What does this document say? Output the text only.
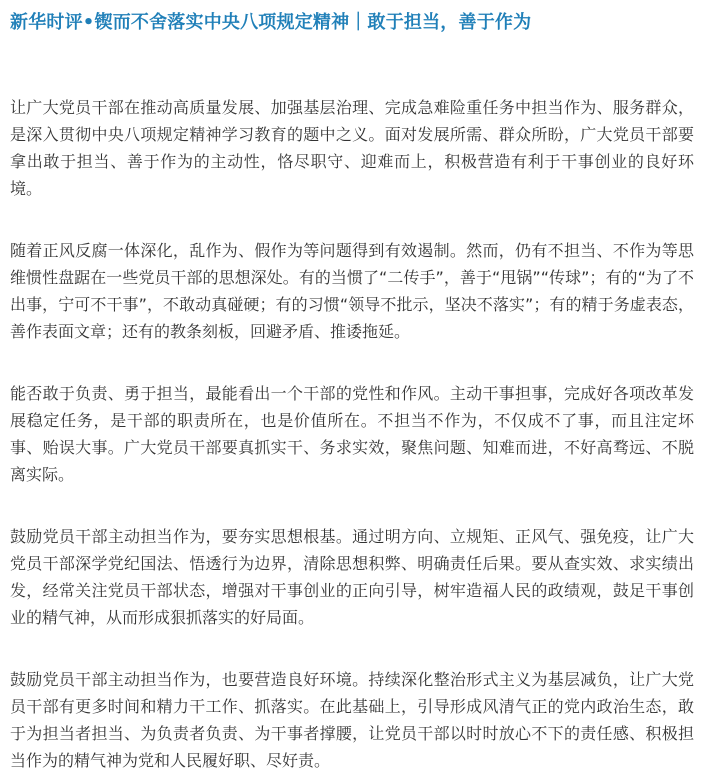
新华时评•锲而不舍落实中央八项规定精神｜敢于担当，善于作为

让广大党员干部在推动高质量发展、加强基层治理、完成急难险重任务中担当作为、服务群众，是深入贯彻中央八项规定精神学习教育的题中之义。面对发展所需、群众所盼，广大党员干部要拿出敢于担当、善于作为的主动性，恪尽职守、迎难而上，积极营造有利于干事创业的良好环境。

随着正风反腐一体深化，乱作为、假作为等问题得到有效遏制。然而，仍有不担当、不作为等思维惯性盘踞在一些党员干部的思想深处。有的当惯了“二传手”，善于“甩锅”“传球”；有的“为了不出事，宁可不干事”，不敢动真碰硬；有的习惯“领导不批示，坚决不落实”；有的精于务虚表态，善作表面文章；还有的教条刻板，回避矛盾、推诿拖延。

能否敢于负责、勇于担当，最能看出一个干部的党性和作风。主动干事担事，完成好各项改革发展稳定任务，是干部的职责所在，也是价值所在。不担当不作为，不仅成不了事，而且注定坏事、贻误大事。广大党员干部要真抓实干、务求实效，聚焦问题、知难而进，不好高骛远、不脱离实际。

鼓励党员干部主动担当作为，要夯实思想根基。通过明方向、立规矩、正风气、强免疫，让广大党员干部深学党纪国法、悟透行为边界，清除思想积弊、明确责任后果。要从查实效、求实绩出发，经常关注党员干部状态，增强对干事创业的正向引导，树牢造福人民的政绩观，鼓足干事创业的精气神，从而形成狠抓落实的好局面。

鼓励党员干部主动担当作为，也要营造良好环境。持续深化整治形式主义为基层减负，让广大党员干部有更多时间和精力干工作、抓落实。在此基础上，引导形成风清气正的党内政治生态，敢于为担当者担当、为负责者负责、为干事者撑腰，让党员干部以时时放心不下的责任感、积极担当作为的精气神为党和人民履好职、尽好责。
